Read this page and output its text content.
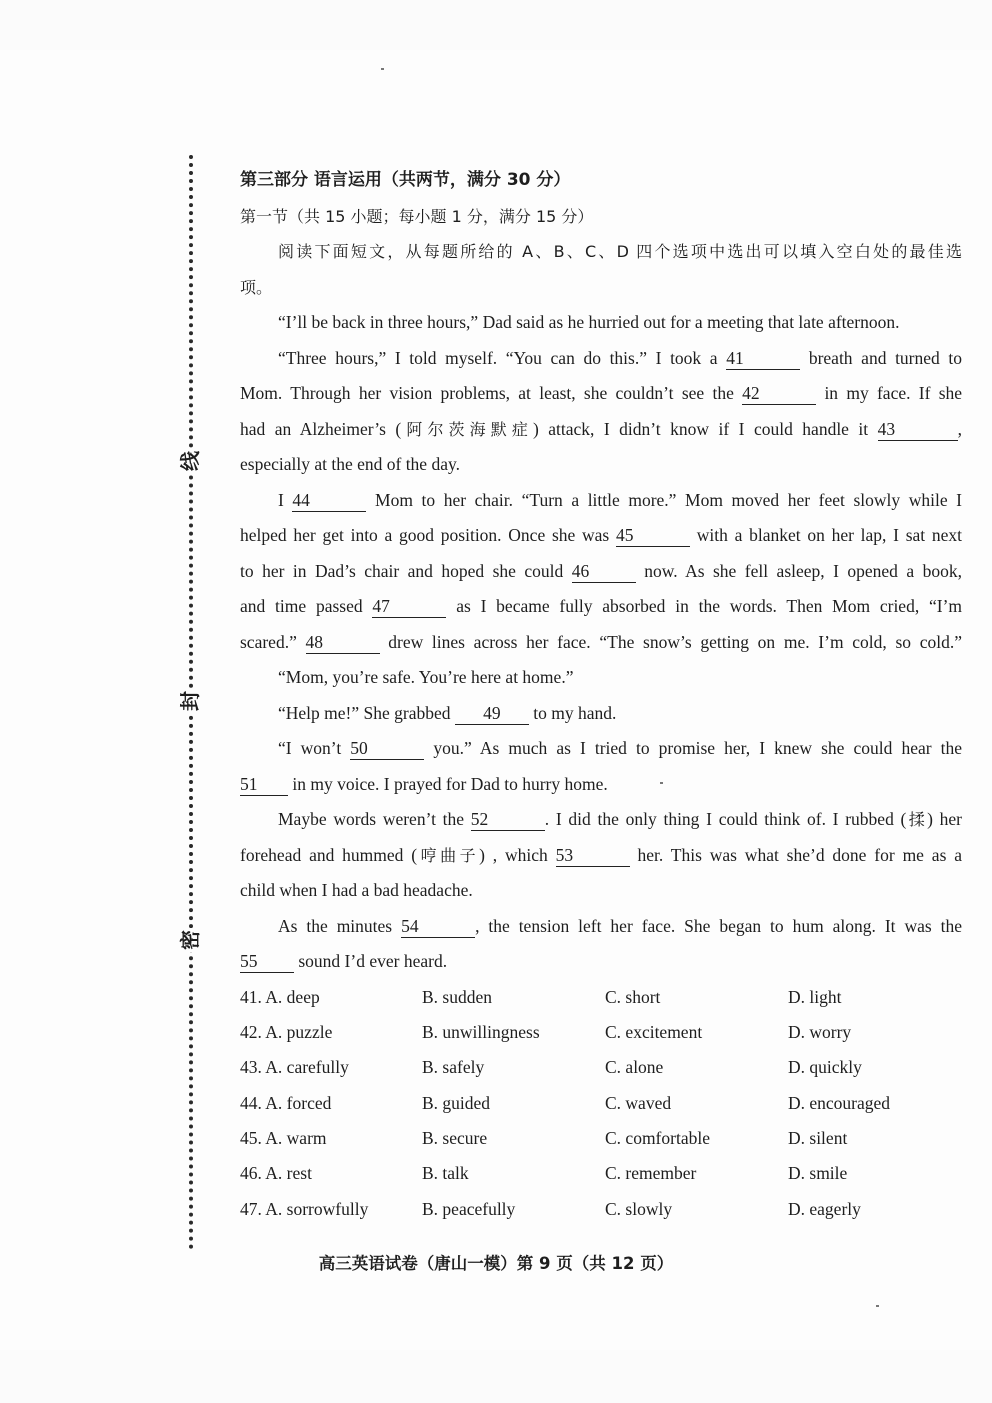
线
封
密
第三部分 语言运用（共两节，满分 30 分）
第一节（共 15 小题；每小题 1 分，满分 15 分）
阅读下面短文，从每题所给的 A、B、C、D 四个选项中选出可以填入空白处的最佳选
项。
“I’ll be back in three hours,” Dad said as he hurried out for a meeting that late afternoon.
“Three hours,” I told myself. “You can do this.” I took a 41	breath and turned to
Mom. Through her vision problems, at least, she couldn’t see the 42	in my face. If she
had an Alzheimer’s (阿尔茨海默症) attack, I didn’t know if I could handle it 43	,
especially at the end of the day.
I 44	Mom to her chair. “Turn a little more.” Mom moved her feet slowly while I
helped her get into a good position. Once she was 45	with a blanket on her lap, I sat next
to her in Dad’s chair and hoped she could 46	now. As she fell asleep, I opened a book,
and time passed 47	as I became fully absorbed in the words. Then Mom cried, “I’m
scared.” 48	drew lines across her face. “The snow’s getting on me. I’m cold, so cold.”
“Mom, you’re safe. You’re here at home.”
“Help me!” She grabbed 49 to my hand.
“I won’t 50	you.” As much as I tried to promise her, I knew she could hear the
51 in my voice. I prayed for Dad to hurry home.
Maybe words weren’t the 52	. I did the only thing I could think of. I rubbed (揉) her
forehead and hummed (哼曲子) , which 53	her. This was what she’d done for me as a
child when I had a bad headache.
As the minutes 54	, the tension left her face. She began to hum along. It was the
55 sound I’d ever heard.
41. A. deep	B. sudden	C. short	D. light
42. A. puzzle	B. unwillingness	C. excitement	D. worry
43. A. carefully	B. safely	C. alone	D. quickly
44. A. forced	B. guided	C. waved	D. encouraged
45. A. warm	B. secure	C. comfortable	D. silent
46. A. rest	B. talk	C. remember	D. smile
47. A. sorrowfully	B. peacefully	C. slowly	D. eagerly
高三英语试卷（唐山一模）第 9 页（共 12 页）
